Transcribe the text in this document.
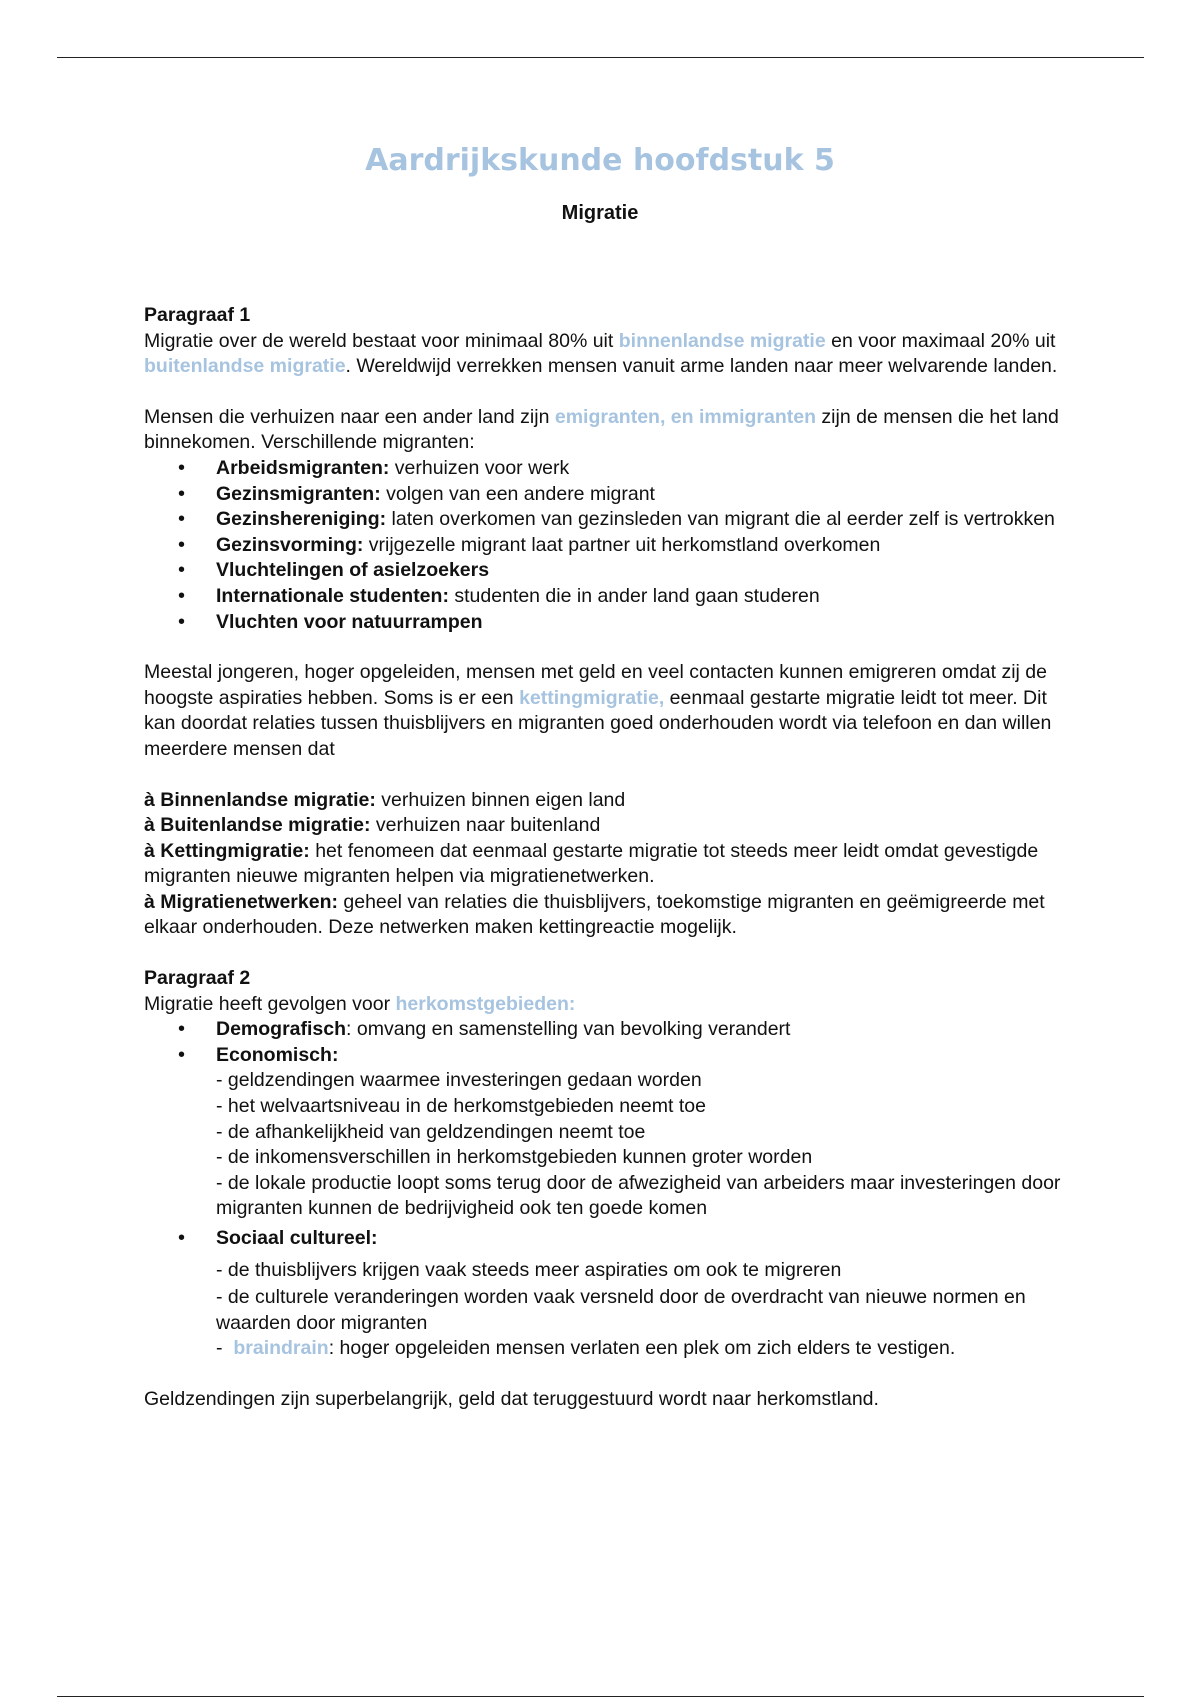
Aardrijkskunde hoofdstuk 5
Migratie

Paragraaf 1

Migratie over de wereld bestaat voor minimaal 80% uit binnenlandse migratie en voor maximaal 20% uit buitenlandse migratie. Wereldwijd verrekken mensen vanuit arme landen naar meer welvarende landen.

Mensen die verhuizen naar een ander land zijn emigranten, en immigranten zijn de mensen die het land binnekomen. Verschillende migranten:

• Arbeidsmigranten: verhuizen voor werk
• Gezinsmigranten: volgen van een andere migrant
• Gezinshereniging: laten overkomen van gezinsleden van migrant die al eerder zelf is vertrokken
• Gezinsvorming: vrijgezelle migrant laat partner uit herkomstland overkomen
• Vluchtelingen of asielzoekers
• Internationale studenten: studenten die in ander land gaan studeren
• Vluchten voor natuurrampen

Meestal jongeren, hoger opgeleiden, mensen met geld en veel contacten kunnen emigreren omdat zij de hoogste aspiraties hebben. Soms is er een kettingmigratie, eenmaal gestarte migratie leidt tot meer. Dit kan doordat relaties tussen thuisblijvers en migranten goed onderhouden wordt via telefoon en dan willen meerdere mensen dat

à Binnenlandse migratie: verhuizen binnen eigen land

à Buitenlandse migratie: verhuizen naar buitenland

à Kettingmigratie: het fenomeen dat eenmaal gestarte migratie tot steeds meer leidt omdat gevestigde migranten nieuwe migranten helpen via migratienetwerken.

à Migratienetwerken: geheel van relaties die thuisblijvers, toekomstige migranten en geëmigreerde met elkaar onderhouden. Deze netwerken maken kettingreactie mogelijk.

Paragraaf 2

Migratie heeft gevolgen voor herkomstgebieden:

• Demografisch: omvang en samenstelling van bevolking verandert
• Economisch:
- geldzendingen waarmee investeringen gedaan worden
- het welvaartsniveau in de herkomstgebieden neemt toe
- de afhankelijkheid van geldzendingen neemt toe
- de inkomensverschillen in herkomstgebieden kunnen groter worden
- de lokale productie loopt soms terug door de afwezigheid van arbeiders maar investeringen door migranten kunnen de bedrijvigheid ook ten goede komen
• Sociaal cultureel:
- de thuisblijvers krijgen vaak steeds meer aspiraties om ook te migreren
- de culturele veranderingen worden vaak versneld door de overdracht van nieuwe normen en waarden door migranten
-  braindrain: hoger opgeleiden mensen verlaten een plek om zich elders te vestigen.

Geldzendingen zijn superbelangrijk, geld dat teruggestuurd wordt naar herkomstland.
